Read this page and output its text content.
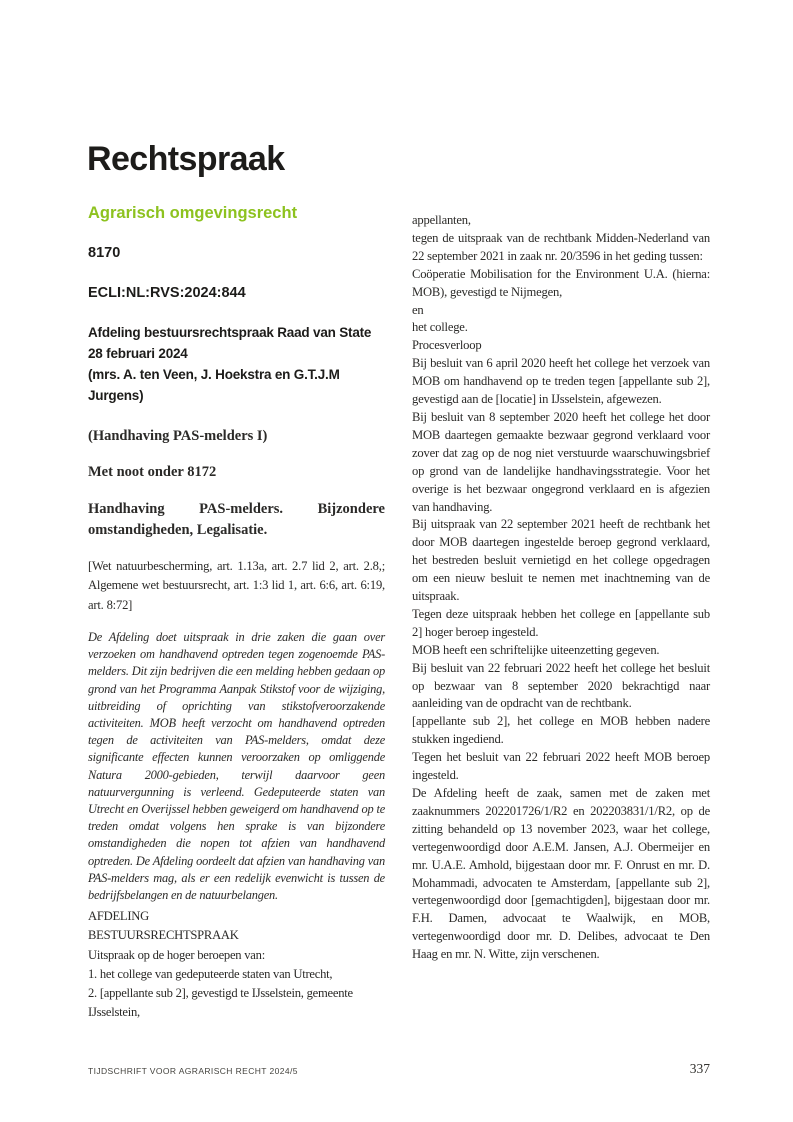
Rechtspraak
Agrarisch omgevingsrecht
8170
ECLI:NL:RVS:2024:844
Afdeling bestuursrechtspraak Raad van State
28 februari 2024
(mrs. A. ten Veen, J. Hoekstra en G.T.J.M Jurgens)
(Handhaving PAS-melders I)
Met noot onder 8172
Handhaving PAS-melders. Bijzondere omstandigheden, Legalisatie.
[Wet natuurbescherming, art. 1.13a, art. 2.7 lid 2, art. 2.8,; Algemene wet bestuursrecht, art. 1:3 lid 1, art. 6:6, art. 6:19, art. 8:72]
De Afdeling doet uitspraak in drie zaken die gaan over verzoeken om handhavend optreden tegen zogenoemde PAS-melders. Dit zijn bedrijven die een melding hebben gedaan op grond van het Programma Aanpak Stikstof voor de wijziging, uitbreiding of oprichting van stikstofveroorzakende activiteiten. MOB heeft verzocht om handhavend optreden tegen de activiteiten van PAS-melders, omdat deze significante effecten kunnen veroorzaken op omliggende Natura 2000-gebieden, terwijl daarvoor geen natuurvergunning is verleend. Gedeputeerde staten van Utrecht en Overijssel hebben geweigerd om handhavend op te treden omdat volgens hen sprake is van bijzondere omstandigheden die nopen tot afzien van handhavend optreden. De Afdeling oordeelt dat afzien van handhaving van PAS-melders mag, als er een redelijk evenwicht is tussen de bedrijfsbelangen en de natuurbelangen.
AFDELING
BESTUURSRECHTSPRAAK
Uitspraak op de hoger beroepen van:
1. het college van gedeputeerde staten van Utrecht,
2. [appellante sub 2], gevestigd te IJsselstein, gemeente IJsselstein,
appellanten,
tegen de uitspraak van de rechtbank Midden-Nederland van 22 september 2021 in zaak nr. 20/3596 in het geding tussen:
Coöperatie Mobilisation for the Environment U.A. (hierna: MOB), gevestigd te Nijmegen,
en
het college.
Procesverloop
Bij besluit van 6 april 2020 heeft het college het verzoek van MOB om handhavend op te treden tegen [appellante sub 2], gevestigd aan de [locatie] in IJsselstein, afgewezen.
Bij besluit van 8 september 2020 heeft het college het door MOB daartegen gemaakte bezwaar gegrond verklaard voor zover dat zag op de nog niet verstuurde waarschuwingsbrief op grond van de landelijke handhavingsstrategie. Voor het overige is het bezwaar ongegrond verklaard en is afgezien van handhaving.
Bij uitspraak van 22 september 2021 heeft de rechtbank het door MOB daartegen ingestelde beroep gegrond verklaard, het bestreden besluit vernietigd en het college opgedragen om een nieuw besluit te nemen met inachtneming van de uitspraak.
Tegen deze uitspraak hebben het college en [appellante sub 2] hoger beroep ingesteld.
MOB heeft een schriftelijke uiteenzetting gegeven.
Bij besluit van 22 februari 2022 heeft het college het besluit op bezwaar van 8 september 2020 bekrachtigd naar aanleiding van de opdracht van de rechtbank.
[appellante sub 2], het college en MOB hebben nadere stukken ingediend.
Tegen het besluit van 22 februari 2022 heeft MOB beroep ingesteld.
De Afdeling heeft de zaak, samen met de zaken met zaaknummers 202201726/1/R2 en 202203831/1/R2, op de zitting behandeld op 13 november 2023, waar het college, vertegenwoordigd door A.E.M. Jansen, A.J. Obermeijer en mr. U.A.E. Amhold, bijgestaan door mr. F. Onrust en mr. D. Mohammadi, advocaten te Amsterdam, [appellante sub 2], vertegenwoordigd door [gemachtigden], bijgestaan door mr. F.H. Damen, advocaat te Waalwijk, en MOB, vertegenwoordigd door mr. D. Delibes, advocaat te Den Haag en mr. N. Witte, zijn verschenen.
TIJDSCHRIFT VOOR AGRARISCH RECHT 2024/5	337
